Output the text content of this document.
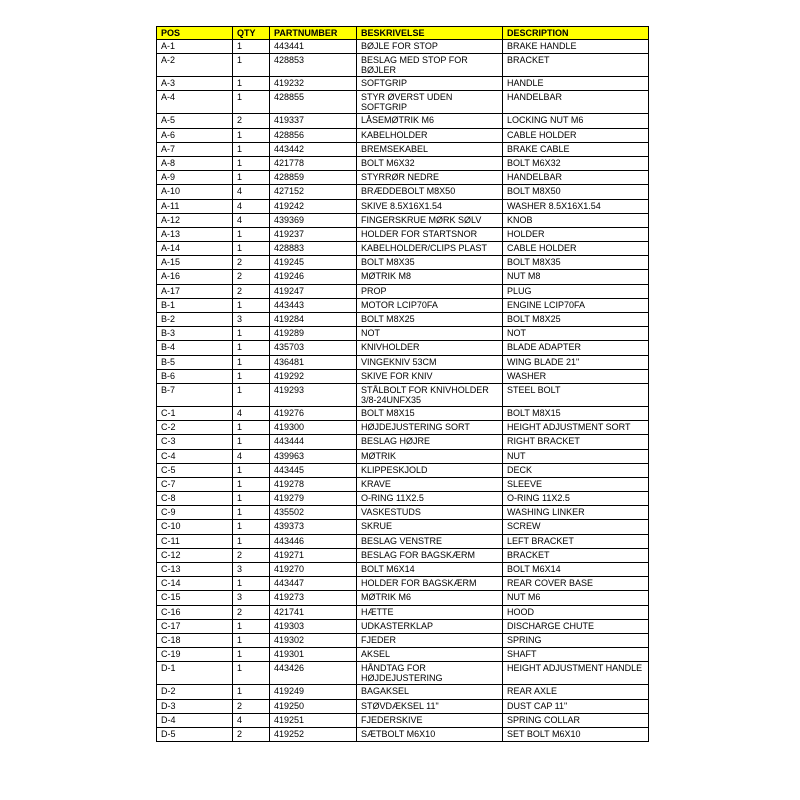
POS	QTY	PARTNUMBER	BESKRIVELSE	DESCRIPTION
A-1	1	443441	BØJLE FOR STOP	BRAKE HANDLE
A-2	1	428853	BESLAG MED STOP FOR BØJLER	BRACKET
A-3	1	419232	SOFTGRIP	HANDLE
A-4	1	428855	STYR ØVERST UDEN SOFTGRIP	HANDELBAR
A-5	2	419337	LÅSEMØTRIK M6	LOCKING NUT M6
A-6	1	428856	KABELHOLDER	CABLE HOLDER
A-7	1	443442	BREMSEKABEL	BRAKE CABLE
A-8	1	421778	BOLT M6X32	BOLT M6X32
A-9	1	428859	STYRRØR NEDRE	HANDELBAR
A-10	4	427152	BRÆDDEBOLT M8X50	BOLT M8X50
A-11	4	419242	SKIVE 8.5X16X1.54	WASHER 8.5X16X1.54
A-12	4	439369	FINGERSKRUE MØRK SØLV	KNOB
A-13	1	419237	HOLDER FOR STARTSNOR	HOLDER
A-14	1	428883	KABELHOLDER/CLIPS PLAST	CABLE HOLDER
A-15	2	419245	BOLT M8X35	BOLT M8X35
A-16	2	419246	MØTRIK M8	NUT M8
A-17	2	419247	PROP	PLUG
B-1	1	443443	MOTOR LCIP70FA	ENGINE LCIP70FA
B-2	3	419284	BOLT M8X25	BOLT M8X25
B-3	1	419289	NOT	NOT
B-4	1	435703	KNIVHOLDER	BLADE ADAPTER
B-5	1	436481	VINGEKNIV 53CM	WING BLADE 21"
B-6	1	419292	SKIVE FOR KNIV	WASHER
B-7	1	419293	STÅLBOLT FOR KNIVHOLDER 3/8-24UNFX35	STEEL BOLT
C-1	4	419276	BOLT M8X15	BOLT M8X15
C-2	1	419300	HØJDEJUSTERING SORT	HEIGHT ADJUSTMENT SORT
C-3	1	443444	BESLAG HØJRE	RIGHT BRACKET
C-4	4	439963	MØTRIK	NUT
C-5	1	443445	KLIPPESKJOLD	DECK
C-7	1	419278	KRAVE	SLEEVE
C-8	1	419279	O-RING 11X2.5	O-RING 11X2.5
C-9	1	435502	VASKESTUDS	WASHING LINKER
C-10	1	439373	SKRUE	SCREW
C-11	1	443446	BESLAG VENSTRE	LEFT BRACKET
C-12	2	419271	BESLAG FOR BAGSKÆRM	BRACKET
C-13	3	419270	BOLT M6X14	BOLT M6X14
C-14	1	443447	HOLDER FOR BAGSKÆRM	REAR COVER BASE
C-15	3	419273	MØTRIK M6	NUT M6
C-16	2	421741	HÆTTE	HOOD
C-17	1	419303	UDKASTERKLAP	DISCHARGE CHUTE
C-18	1	419302	FJEDER	SPRING
C-19	1	419301	AKSEL	SHAFT
D-1	1	443426	HÅNDTAG FOR HØJDEJUSTERING	HEIGHT ADJUSTMENT HANDLE
D-2	1	419249	BAGAKSEL	REAR AXLE
D-3	2	419250	STØVDÆKSEL 11"	DUST CAP 11"
D-4	4	419251	FJEDERSKIVE	SPRING COLLAR
D-5	2	419252	SÆTBOLT M6X10	SET BOLT M6X10
